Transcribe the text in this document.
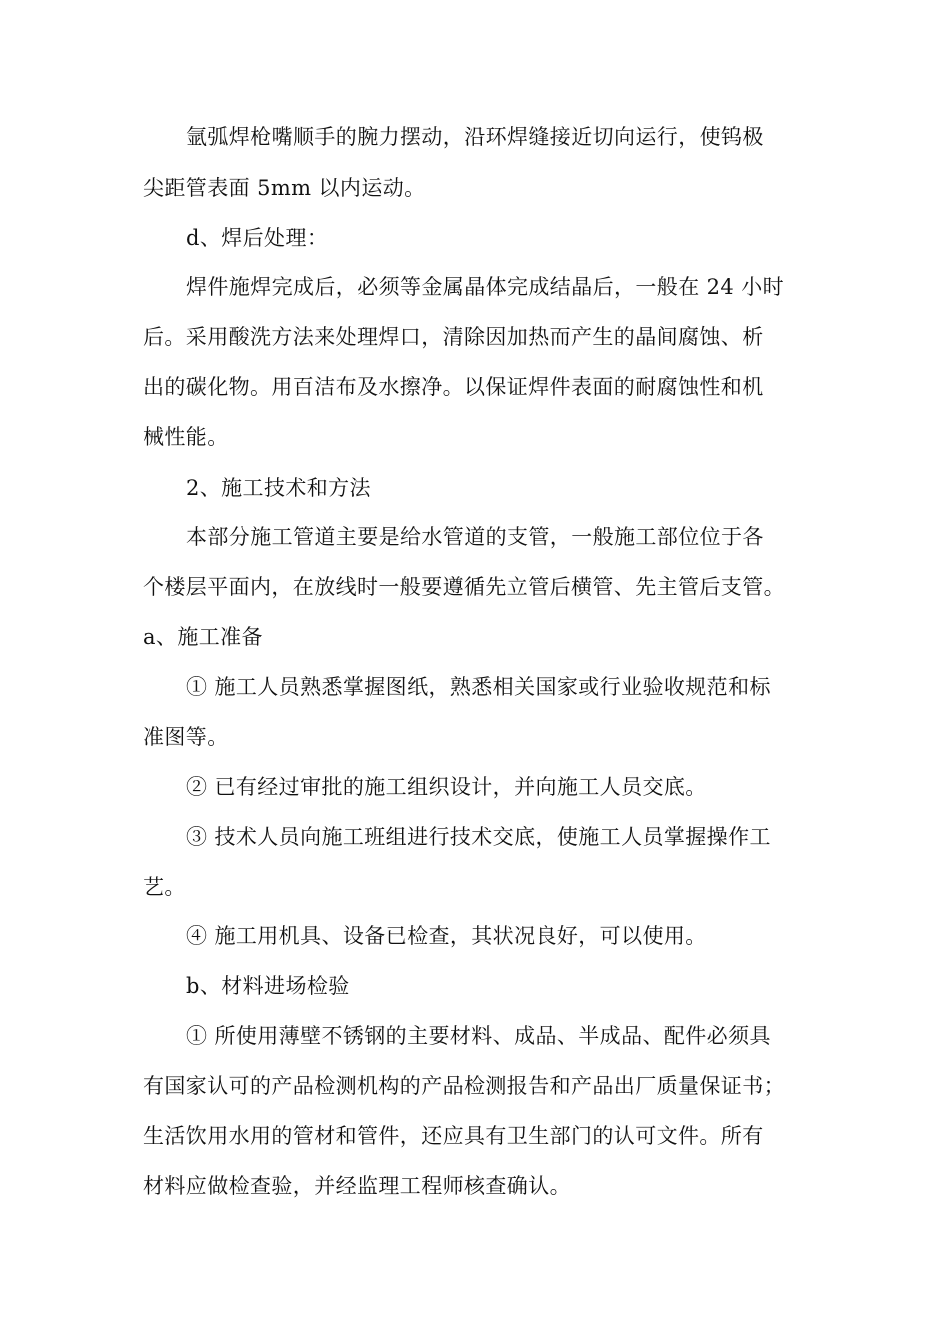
氩弧焊枪嘴顺手的腕力摆动，沿环焊缝接近切向运行，使钨极
尖距管表面 5mm 以内运动。
d、焊后处理：
焊件施焊完成后，必须等金属晶体完成结晶后，一般在 24 小时
后。采用酸洗方法来处理焊口，清除因加热而产生的晶间腐蚀、析
出的碳化物。用百洁布及水擦净。以保证焊件表面的耐腐蚀性和机
械性能。
2、施工技术和方法
本部分施工管道主要是给水管道的支管，一般施工部位位于各
个楼层平面内，在放线时一般要遵循先立管后横管、先主管后支管。
a、施工准备
① 施工人员熟悉掌握图纸，熟悉相关国家或行业验收规范和标
准图等。
② 已有经过审批的施工组织设计，并向施工人员交底。
③ 技术人员向施工班组进行技术交底，使施工人员掌握操作工
艺。
④ 施工用机具、设备已检查，其状况良好，可以使用。
b、材料进场检验
① 所使用薄壁不锈钢的主要材料、成品、半成品、配件必须具
有国家认可的产品检测机构的产品检测报告和产品出厂质量保证书；
生活饮用水用的管材和管件，还应具有卫生部门的认可文件。所有
材料应做检查验，并经监理工程师核查确认。
